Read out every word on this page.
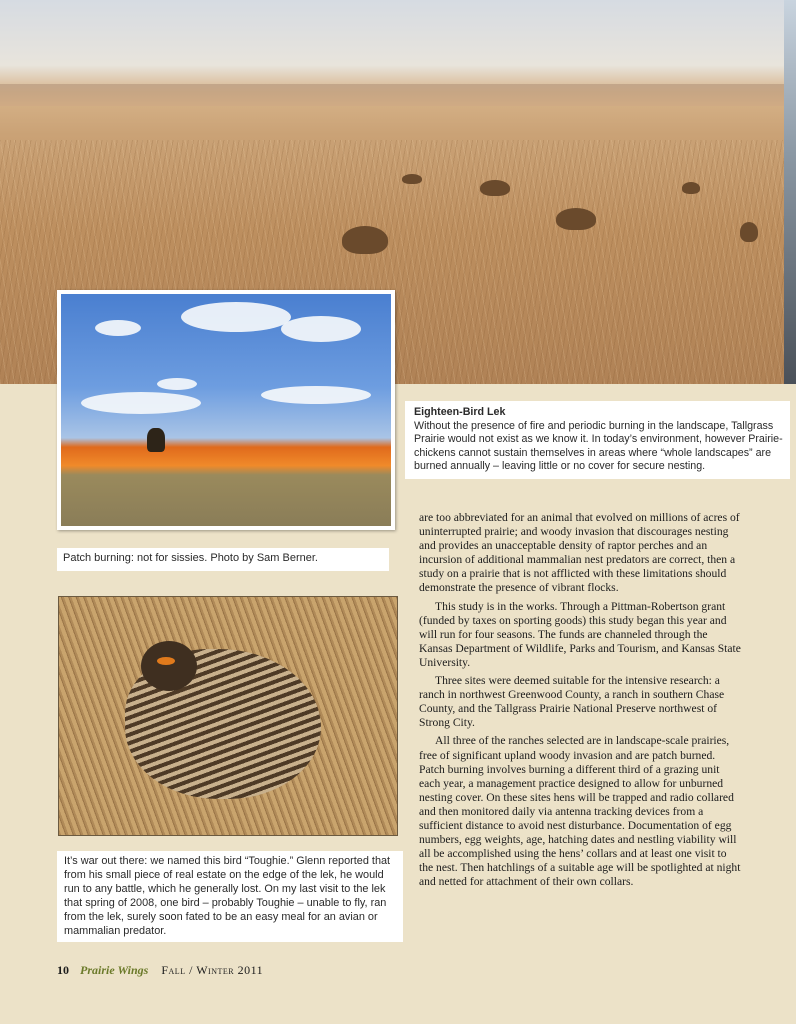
Eighteen-Bird Lek
Without the presence of fire and periodic burning in the landscape, Tallgrass Prairie would not exist as we know it. In today’s environment, however Prairie-chickens cannot sustain themselves in areas where “whole landscapes” are burned annually – leaving little or no cover for secure nesting.
Patch burning: not for sissies. Photo by Sam Berner.
It’s war out there: we named this bird “Toughie.” Glenn reported that from his small piece of real estate on the edge of the lek, he would run to any battle, which he generally lost. On my last visit to the lek that spring of 2008, one bird – probably Toughie – unable to fly, ran from the lek, surely soon fated to be an easy meal for an avian or mammalian predator.

are too abbreviated for an animal that evolved on millions of acres of uninterrupted prairie; and woody invasion that discourages nesting and provides an unacceptable density of raptor perches and an incursion of additional mammalian nest predators are correct, then a study on a prairie that is not afflicted with these limitations should demonstrate the presence of vibrant flocks.

This study is in the works. Through a Pittman-Robertson grant (funded by taxes on sporting goods) this study began this year and will run for four seasons. The funds are channeled through the Kansas Department of Wildlife, Parks and Tourism, and Kansas State University.

Three sites were deemed suitable for the intensive research: a ranch in northwest Greenwood County, a ranch in southern Chase County, and the Tallgrass Prairie National Preserve northwest of Strong City.

All three of the ranches selected are in landscape-scale prairies, free of significant upland woody invasion and are patch burned. Patch burning involves burning a different third of a grazing unit each year, a management practice designed to allow for unburned nesting cover. On these sites hens will be trapped and radio collared and then monitored daily via antenna tracking devices from a sufficient distance to avoid nest disturbance. Documentation of egg numbers, egg weights, age, hatching dates and nestling viability will all be accomplished using the hens’ collars and at least one visit to the nest. Then hatchlings of a suitable age will be spotlighted at night and netted for attachment of their own collars.

10 Prairie Wings Fall / Winter 2011
